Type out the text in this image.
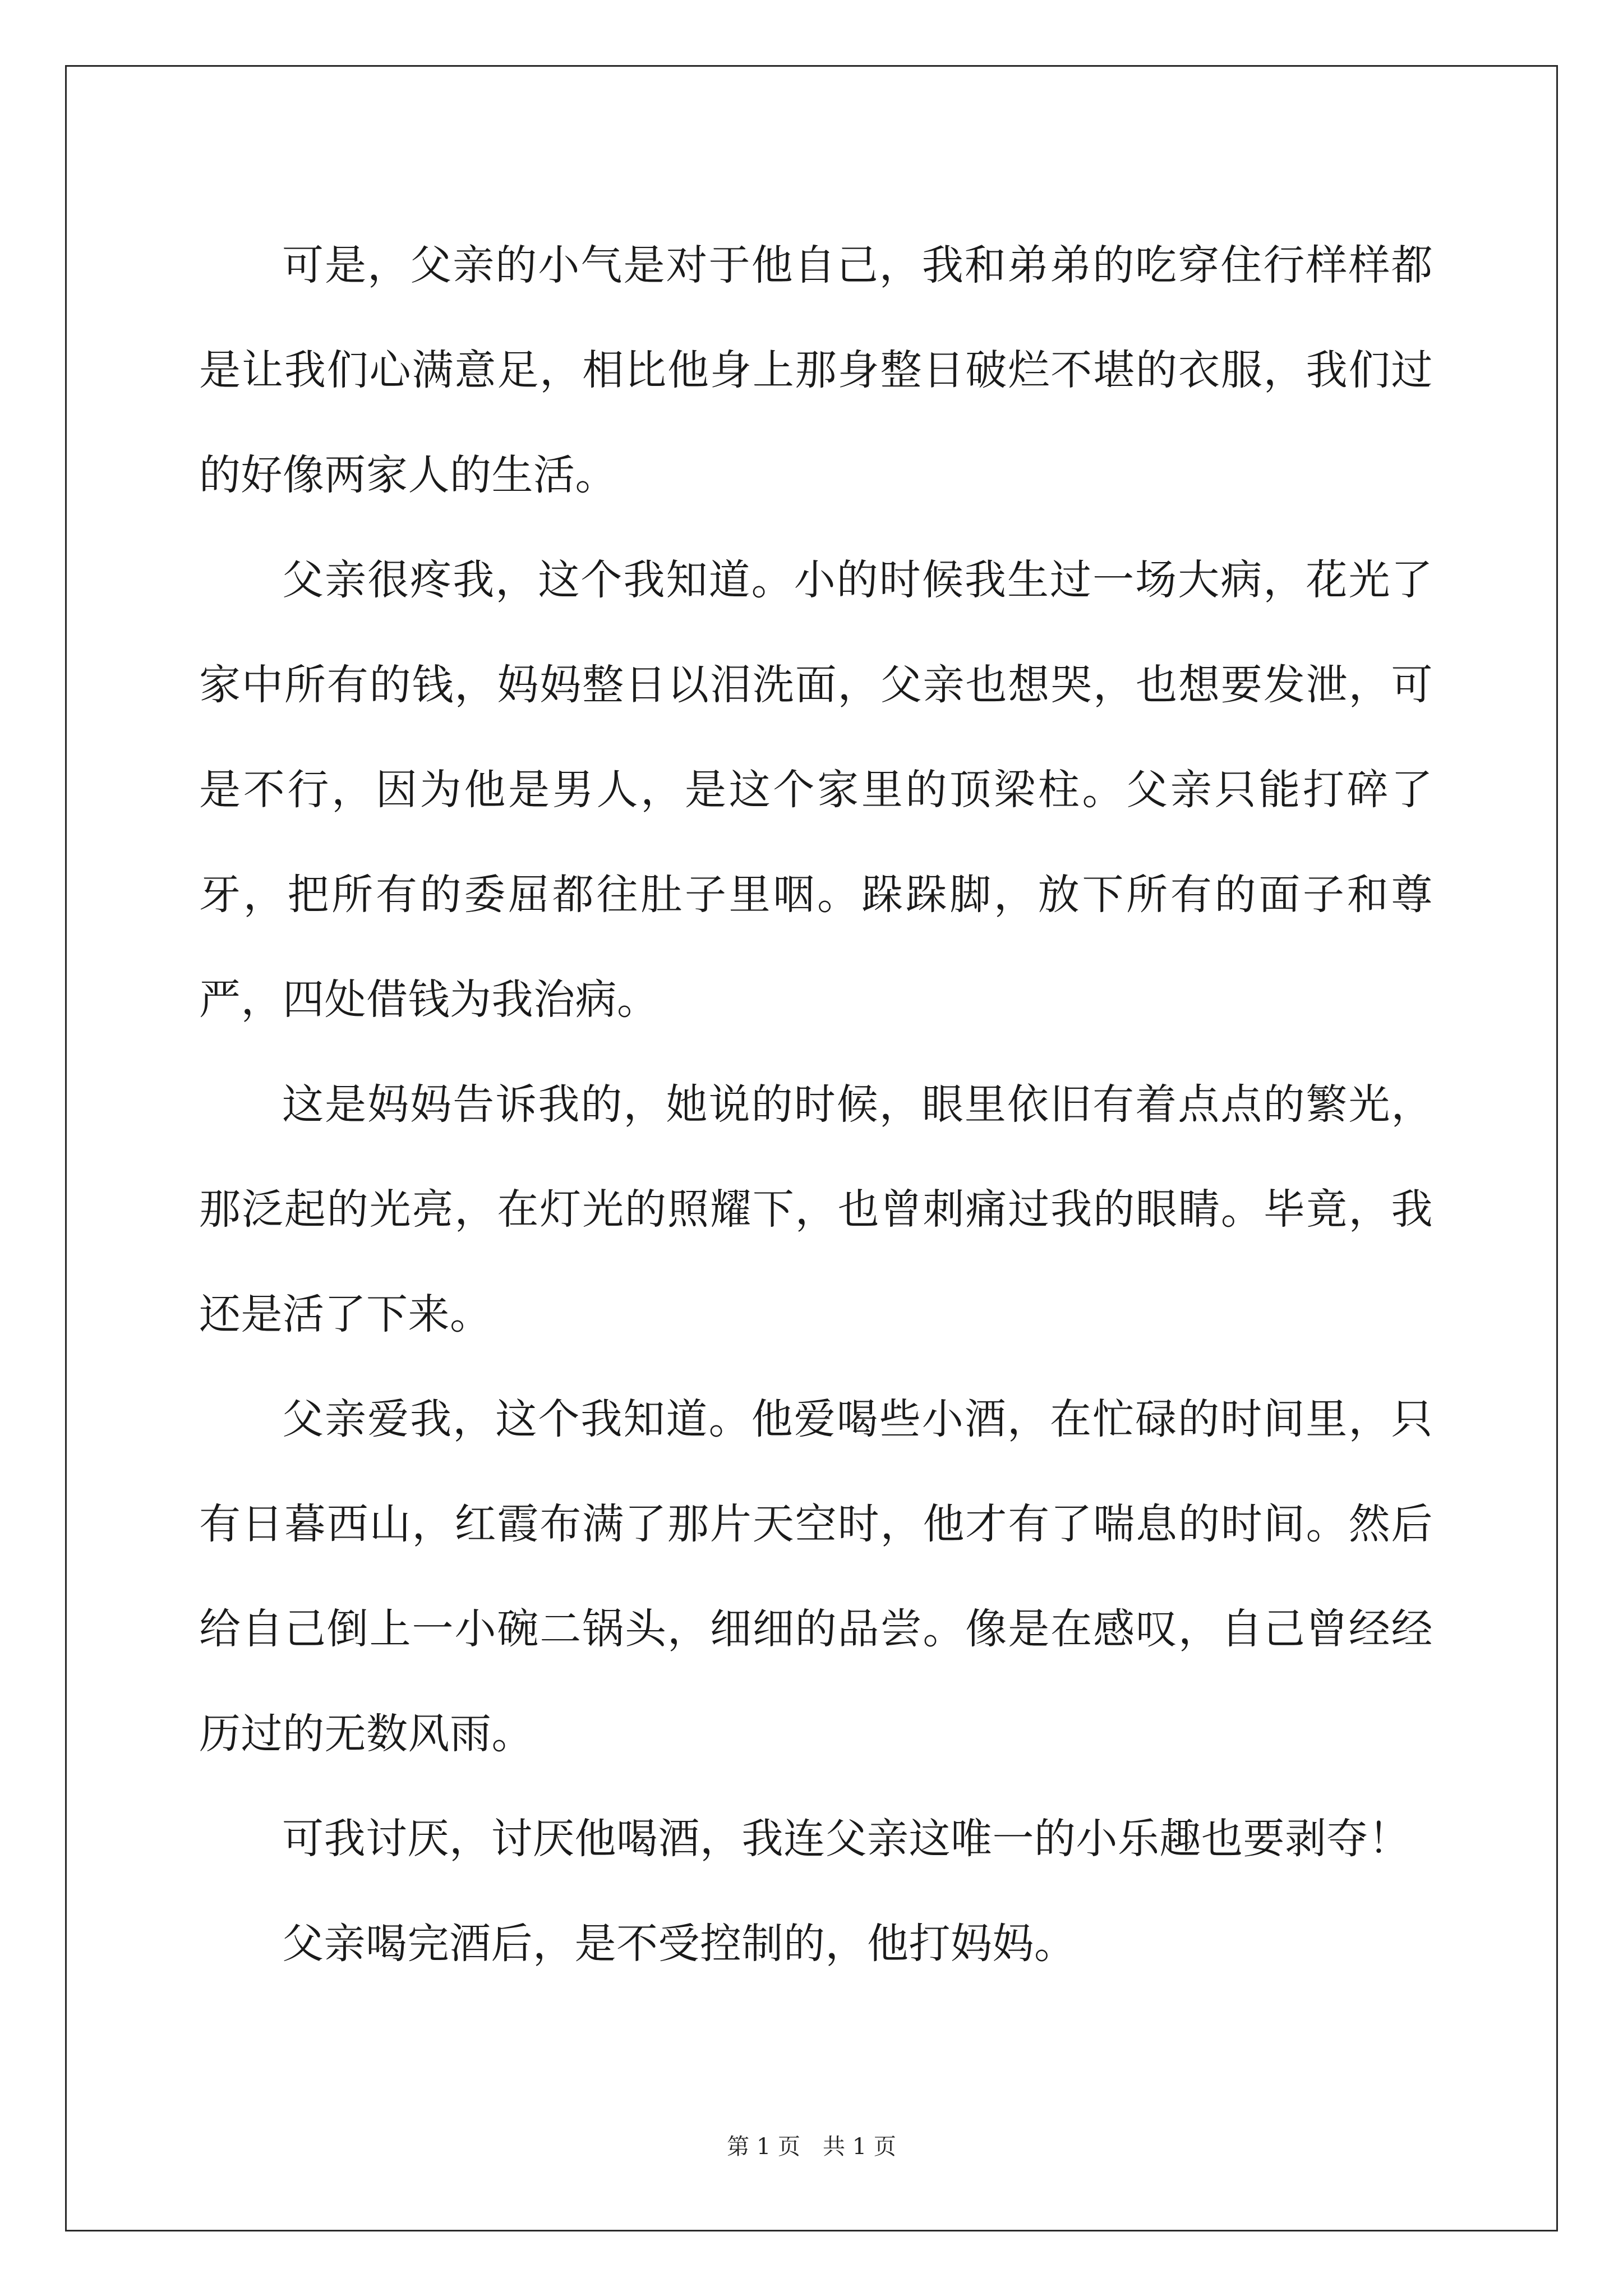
可是，父亲的小气是对于他自己，我和弟弟的吃穿住行样样都是让我们心满意足，相比他身上那身整日破烂不堪的衣服，我们过的好像两家人的生活。

父亲很疼我，这个我知道。小的时候我生过一场大病，花光了家中所有的钱，妈妈整日以泪洗面，父亲也想哭，也想要发泄，可是不行，因为他是男人，是这个家里的顶梁柱。父亲只能打碎了牙，把所有的委屈都往肚子里咽。跺跺脚，放下所有的面子和尊严，四处借钱为我治病。

这是妈妈告诉我的，她说的时候，眼里依旧有着点点的繁光，那泛起的光亮，在灯光的照耀下，也曾刺痛过我的眼睛。毕竟，我还是活了下来。

父亲爱我，这个我知道。他爱喝些小酒，在忙碌的时间里，只有日暮西山，红霞布满了那片天空时，他才有了喘息的时间。然后给自己倒上一小碗二锅头，细细的品尝。像是在感叹，自己曾经经历过的无数风雨。

可我讨厌，讨厌他喝酒，我连父亲这唯一的小乐趣也要剥夺！

父亲喝完酒后，是不受控制的，他打妈妈。

第 1 页　共 1 页
